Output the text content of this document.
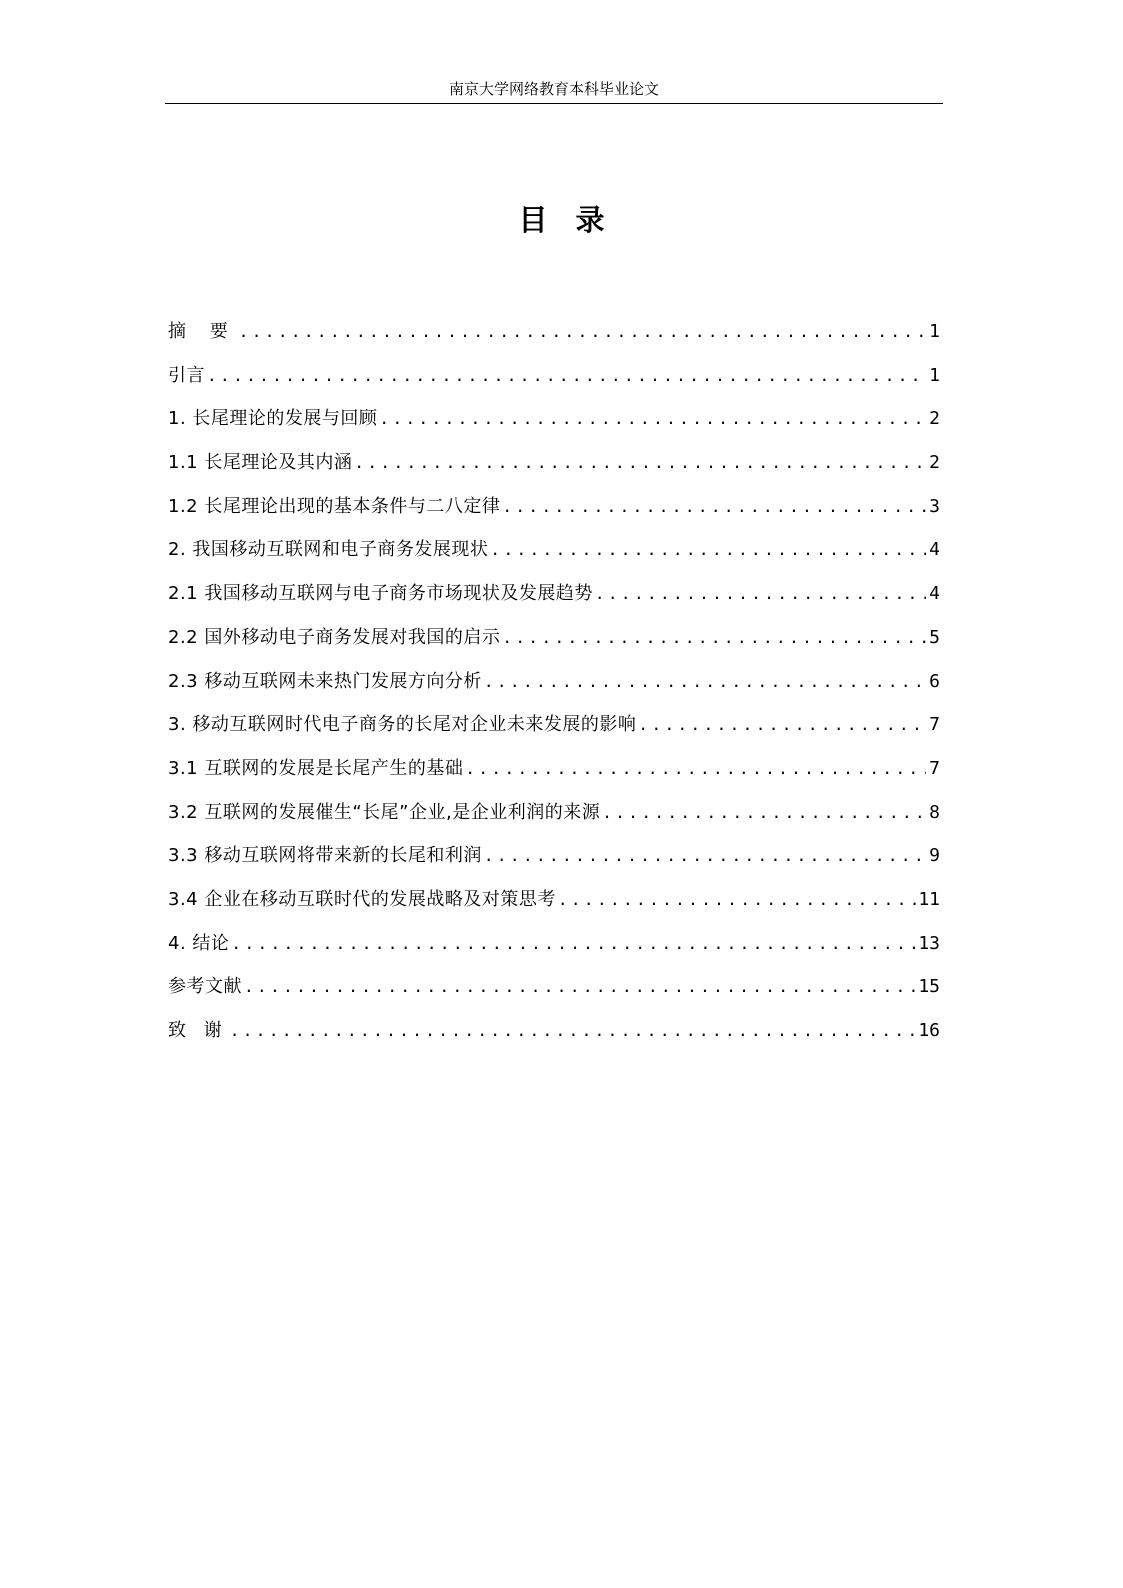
南京大学网络教育本科毕业论文
目录
摘 要 .....	1
引言 .....	1
1. 长尾理论的发展与回顾 .....	2
1.1 长尾理论及其内涵 .....	2
1.2 长尾理论出现的基本条件与二八定律 .....	3
2. 我国移动互联网和电子商务发展现状 .....	4
2.1 我国移动互联网与电子商务市场现状及发展趋势 .....	4
2.2 国外移动电子商务发展对我国的启示 .....	5
2.3 移动互联网未来热门发展方向分析 .....	6
3. 移动互联网时代电子商务的长尾对企业未来发展的影响 .....	7
3.1 互联网的发展是长尾产生的基础 .....	7
3.2 互联网的发展催生“长尾”企业,是企业利润的来源 .....	8
3.3 移动互联网将带来新的长尾和利润 .....	9
3.4 企业在移动互联时代的发展战略及对策思考 .....	11
4. 结论 .....	13
参考文献 .....	15
致 谢 .....	16
